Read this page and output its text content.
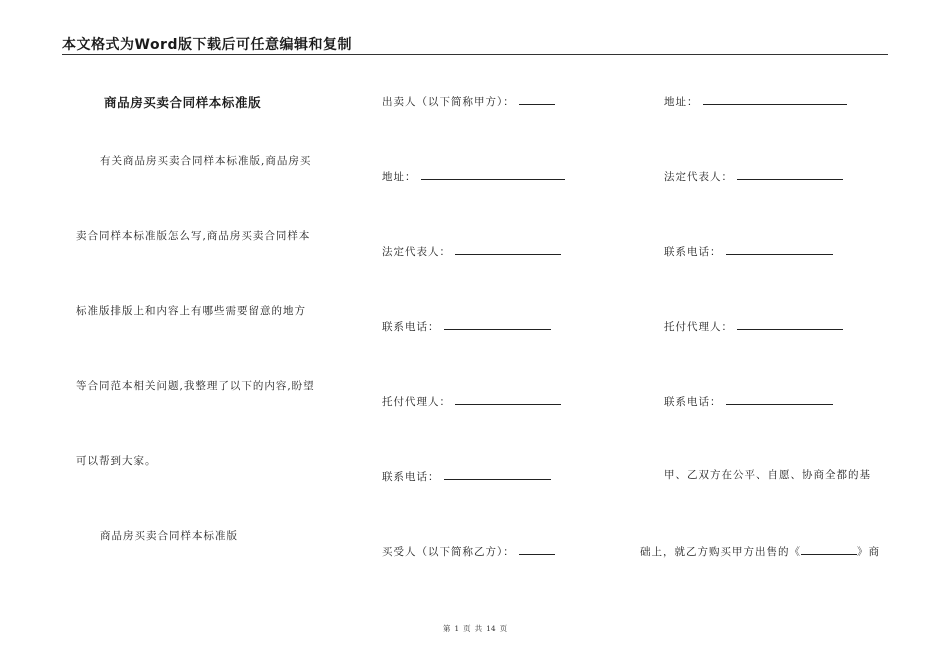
本文格式为Word版下载后可任意编辑和复制
商品房买卖合同样本标准版
有关商品房买卖合同样本标准版,商品房买
卖合同样本标准版怎么写,商品房买卖合同样本
标准版排版上和内容上有哪些需要留意的地方
等合同范本相关问题,我整理了以下的内容,盼望
可以帮到大家。
商品房买卖合同样本标准版
出卖人（以下简称甲方）：
地址：
法定代表人：
联系电话：
托付代理人：
联系电话：
买受人（以下简称乙方）：
地址：
法定代表人：
联系电话：
托付代理人：
联系电话：
甲、乙双方在公平、自愿、协商全都的基
础上，就乙方购买甲方出售的《	》商
第 1 页 共 14 页
